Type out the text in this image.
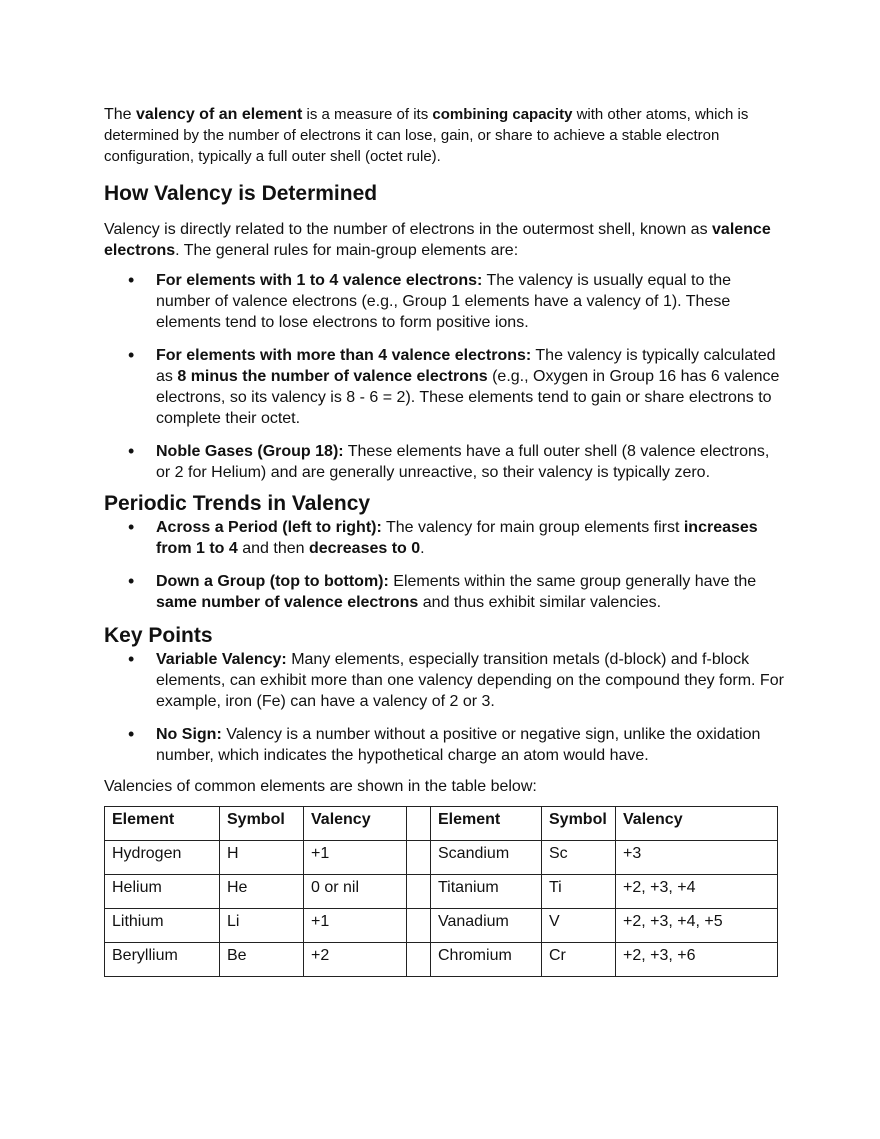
The valency of an element is a measure of its combining capacity with other atoms, which is determined by the number of electrons it can lose, gain, or share to achieve a stable electron configuration, typically a full outer shell (octet rule).

How Valency is Determined

Valency is directly related to the number of electrons in the outermost shell, known as valence electrons. The general rules for main-group elements are:

• For elements with 1 to 4 valence electrons: The valency is usually equal to the number of valence electrons (e.g., Group 1 elements have a valency of 1). These elements tend to lose electrons to form positive ions.
• For elements with more than 4 valence electrons: The valency is typically calculated as 8 minus the number of valence electrons (e.g., Oxygen in Group 16 has 6 valence electrons, so its valency is 8 - 6 = 2). These elements tend to gain or share electrons to complete their octet.
• Noble Gases (Group 18): These elements have a full outer shell (8 valence electrons, or 2 for Helium) and are generally unreactive, so their valency is typically zero.
Periodic Trends in Valency
• Across a Period (left to right): The valency for main group elements first increases from 1 to 4 and then decreases to 0.
• Down a Group (top to bottom): Elements within the same group generally have the same number of valence electrons and thus exhibit similar valencies.
Key Points
• Variable Valency: Many elements, especially transition metals (d-block) and f-block elements, can exhibit more than one valency depending on the compound they form. For example, iron (Fe) can have a valency of 2 or 3.
• No Sign: Valency is a number without a positive or negative sign, unlike the oxidation number, which indicates the hypothetical charge an atom would have.

Valencies of common elements are shown in the table below:

Element	Symbol	Valency		Element	Symbol	Valency
Hydrogen	H	+1		Scandium	Sc	+3
Helium	He	0 or nil		Titanium	Ti	+2, +3, +4
Lithium	Li	+1		Vanadium	V	+2, +3, +4, +5
Beryllium	Be	+2		Chromium	Cr	+2, +3, +6
